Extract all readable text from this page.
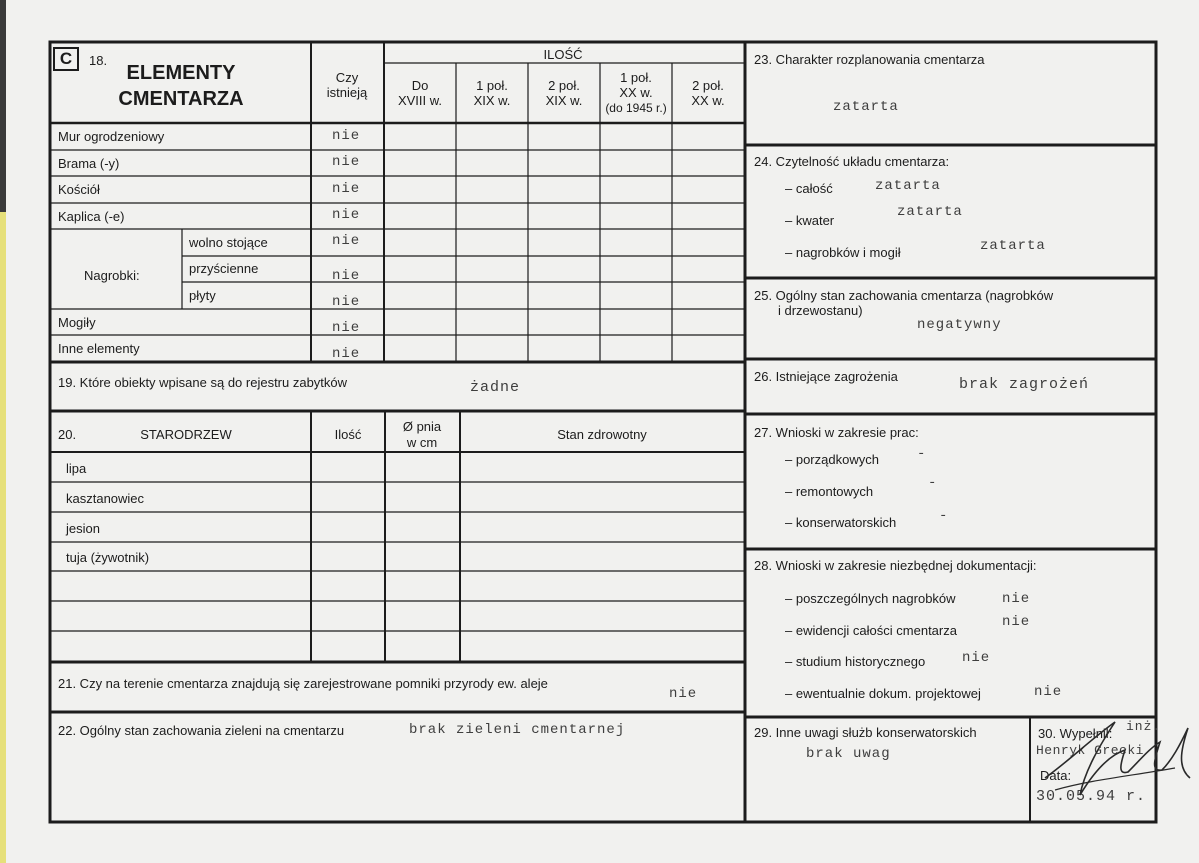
C	18.
ELEMENTY
CMENTARZA
Czy
istnieją
ILOŚĆ
Do
XVIII w.
1 poł.
XIX w.
2 poł.
XIX w.
1 poł.
XX w.
(do 1945 r.)
2 poł.
XX w.
Mur ogrodzeniowy	nie
Brama (-y)	nie
Kościół	nie
Kaplica (-e)	nie
Nagrobki:
wolno stojące	nie
przyścienne	nie
płyty	nie
Mogiły	nie
Inne elementy	nie
19. Które obiekty wpisane są do rejestru zabytków	żadne
20.	STARODRZEW	Ilość
Ø pnia
w cm
Stan zdrowotny
lipa
kasztanowiec
jesion
tuja (żywotnik)
21. Czy na terenie cmentarza znajdują się zarejestrowane pomniki przyrody ew. aleje
nie
22. Ogólny stan zachowania zieleni na cmentarzu	brak zieleni cmentarnej
23. Charakter rozplanowania cmentarza
zatarta
24. Czytelność układu cmentarza:
– całość	zatarta
– kwater
zatarta
– nagrobków i mogił	zatarta
25. Ogólny stan zachowania cmentarza (nagrobków
i drzewostanu)
negatywny
26. Istniejące zagrożenia	brak zagrożeń
27. Wnioski w zakresie prac:
– porządkowych	-
– remontowych
-
– konserwatorskich	-
28. Wnioski w zakresie niezbędnej dokumentacji:
– poszczególnych nagrobków	nie
– ewidencji całości cmentarza
nie
– studium historycznego	nie
– ewentualnie dokum. projektowej	nie
29. Inne uwagi służb konserwatorskich
brak uwag
30. Wypełnił: inż.
Henryk Grecki
Data:
30.05.94 r.
